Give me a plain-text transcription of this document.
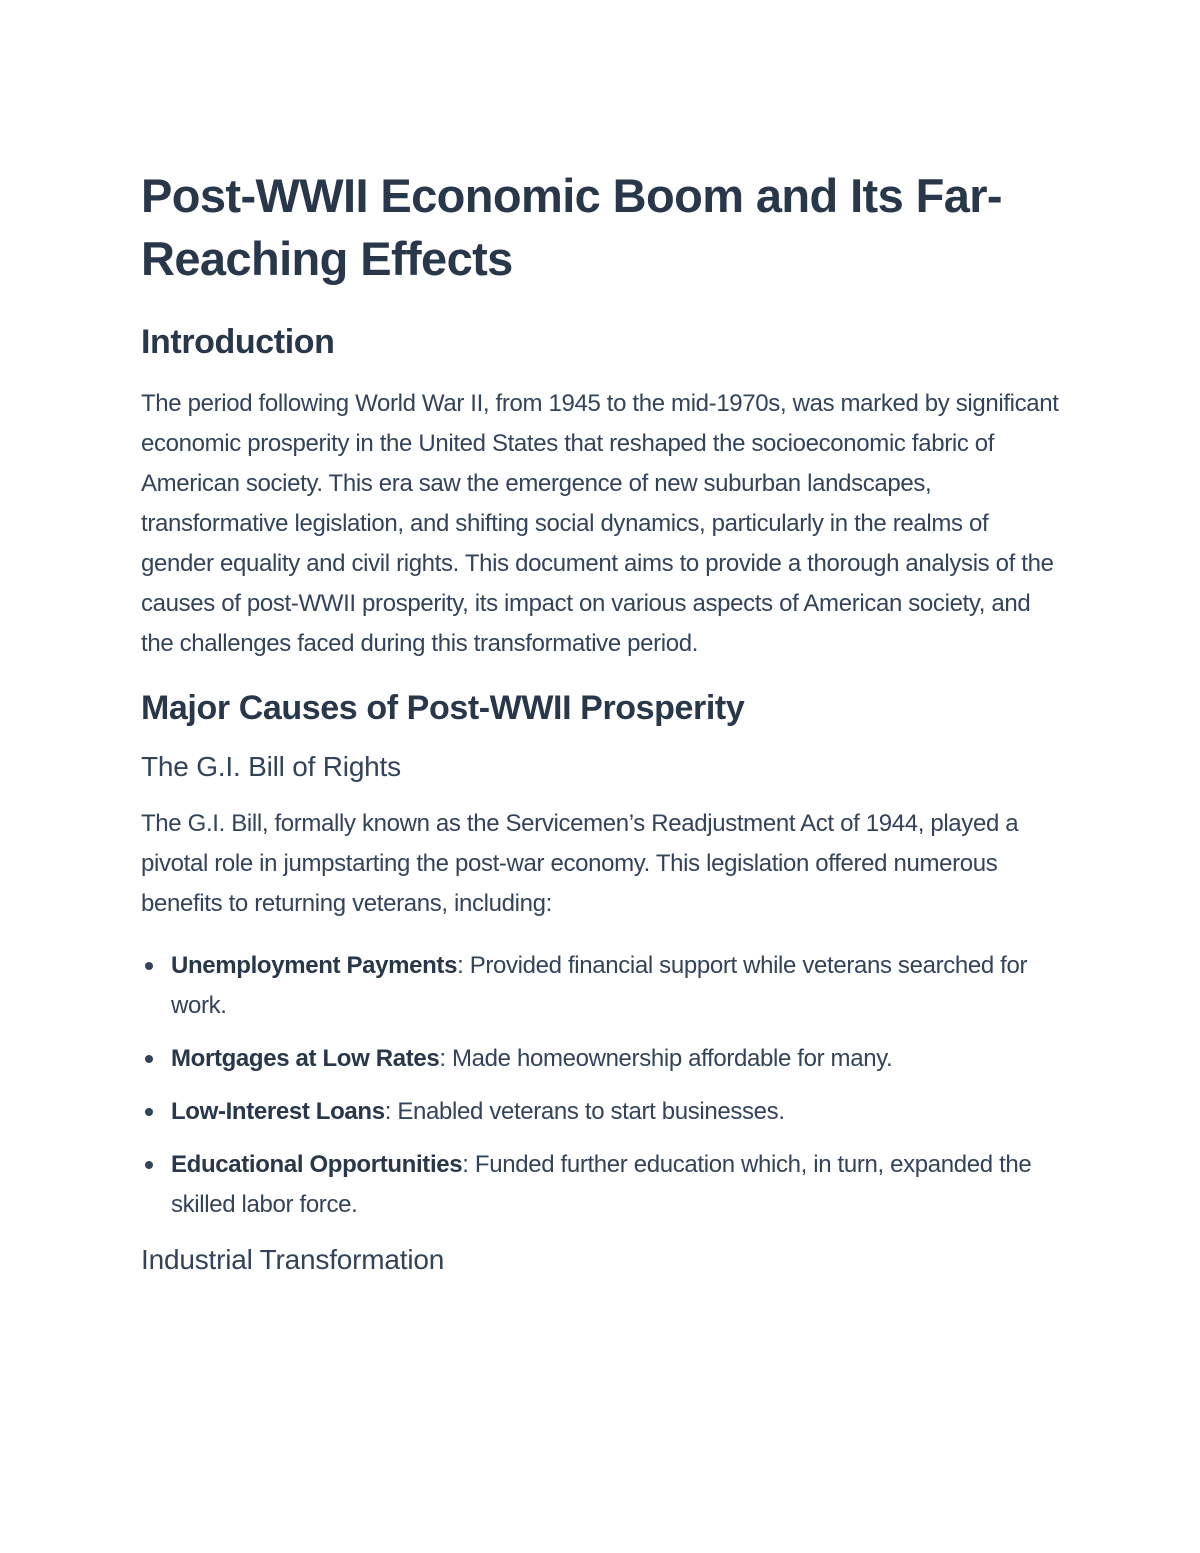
Post-WWII Economic Boom and Its Far-Reaching Effects
Introduction

The period following World War II, from 1945 to the mid-1970s, was marked by significant economic prosperity in the United States that reshaped the socioeconomic fabric of American society. This era saw the emergence of new suburban landscapes, transformative legislation, and shifting social dynamics, particularly in the realms of gender equality and civil rights. This document aims to provide a thorough analysis of the causes of post-WWII prosperity, its impact on various aspects of American society, and the challenges faced during this transformative period.

Major Causes of Post-WWII Prosperity
The G.I. Bill of Rights

The G.I. Bill, formally known as the Servicemen’s Readjustment Act of 1944, played a pivotal role in jumpstarting the post-war economy. This legislation offered numerous benefits to returning veterans, including:

Unemployment Payments: Provided financial support while veterans searched for work.
Mortgages at Low Rates: Made homeownership affordable for many.
Low-Interest Loans: Enabled veterans to start businesses.
Educational Opportunities: Funded further education which, in turn, expanded the skilled labor force.
Industrial Transformation
